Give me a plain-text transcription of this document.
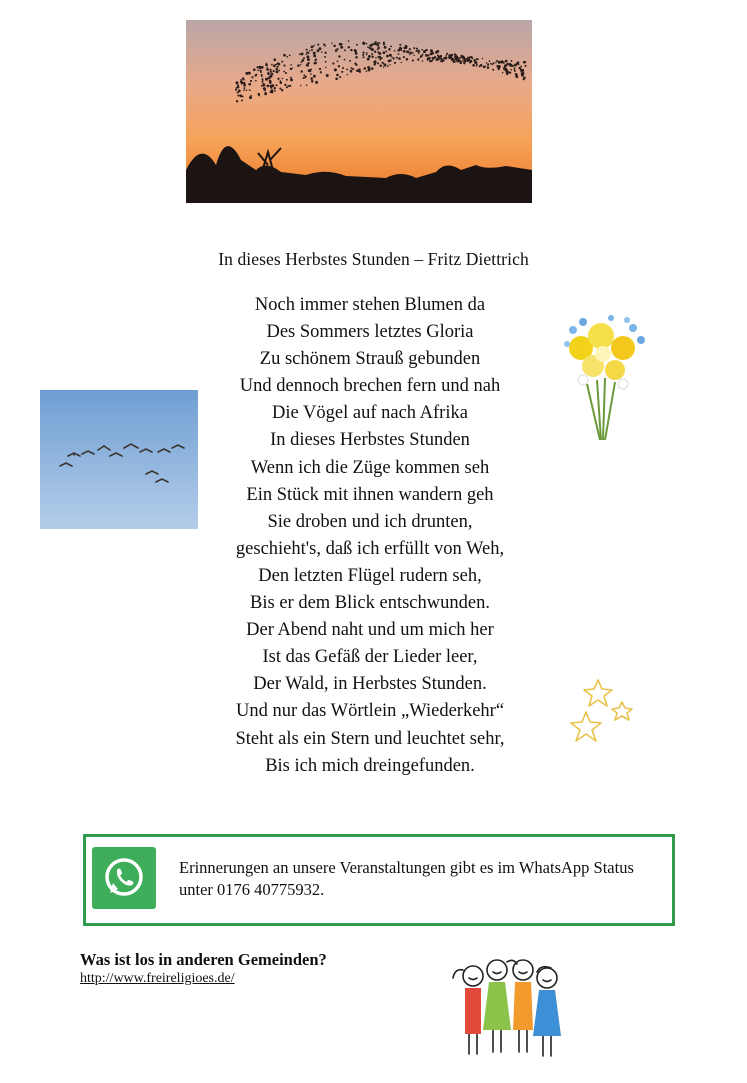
In dieses Herbstes Stunden – Fritz Diettrich
Noch immer stehen Blumen da
Des Sommers letztes Gloria
Zu schönem Strauß gebunden
Und dennoch brechen fern und nah
Die Vögel auf nach Afrika
In dieses Herbstes Stunden
Wenn ich die Züge kommen seh
Ein Stück mit ihnen wandern geh
Sie droben und ich drunten,
geschieht's, daß ich erfüllt von Weh,
Den letzten Flügel rudern seh,
Bis er dem Blick entschwunden.
Der Abend naht und um mich her
Ist das Gefäß der Lieder leer,
Der Wald, in Herbstes Stunden.
Und nur das Wörtlein „Wiederkehr“
Steht als ein Stern und leuchtet sehr,
Bis ich mich dreingefunden.
Erinnerungen an unsere Veranstaltungen gibt es im WhatsApp Status unter 0176 40775932.
Was ist los in anderen Gemeinden?
http://www.freireligioes.de/
